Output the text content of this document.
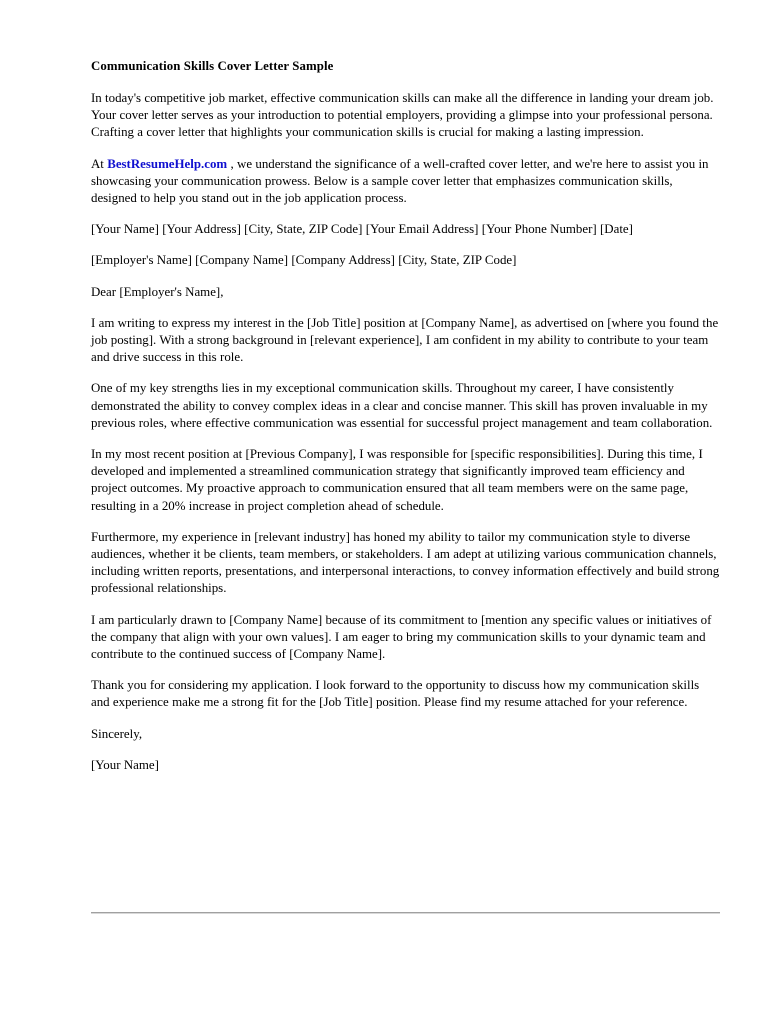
Communication Skills Cover Letter Sample

In today's competitive job market, effective communication skills can make all the difference in landing your dream job. Your cover letter serves as your introduction to potential employers, providing a glimpse into your professional persona. Crafting a cover letter that highlights your communication skills is crucial for making a lasting impression.

At BestResumeHelp.com , we understand the significance of a well-crafted cover letter, and we're here to assist you in showcasing your communication prowess. Below is a sample cover letter that emphasizes communication skills, designed to help you stand out in the job application process.

[Your Name] [Your Address] [City, State, ZIP Code] [Your Email Address] [Your Phone Number] [Date]

[Employer's Name] [Company Name] [Company Address] [City, State, ZIP Code]

Dear [Employer's Name],

I am writing to express my interest in the [Job Title] position at [Company Name], as advertised on [where you found the job posting]. With a strong background in [relevant experience], I am confident in my ability to contribute to your team and drive success in this role.

One of my key strengths lies in my exceptional communication skills. Throughout my career, I have consistently demonstrated the ability to convey complex ideas in a clear and concise manner. This skill has proven invaluable in my previous roles, where effective communication was essential for successful project management and team collaboration.

In my most recent position at [Previous Company], I was responsible for [specific responsibilities]. During this time, I developed and implemented a streamlined communication strategy that significantly improved team efficiency and project outcomes. My proactive approach to communication ensured that all team members were on the same page, resulting in a 20% increase in project completion ahead of schedule.

Furthermore, my experience in [relevant industry] has honed my ability to tailor my communication style to diverse audiences, whether it be clients, team members, or stakeholders. I am adept at utilizing various communication channels, including written reports, presentations, and interpersonal interactions, to convey information effectively and build strong professional relationships.

I am particularly drawn to [Company Name] because of its commitment to [mention any specific values or initiatives of the company that align with your own values]. I am eager to bring my communication skills to your dynamic team and contribute to the continued success of [Company Name].

Thank you for considering my application. I look forward to the opportunity to discuss how my communication skills and experience make me a strong fit for the [Job Title] position. Please find my resume attached for your reference.

Sincerely,

[Your Name]
